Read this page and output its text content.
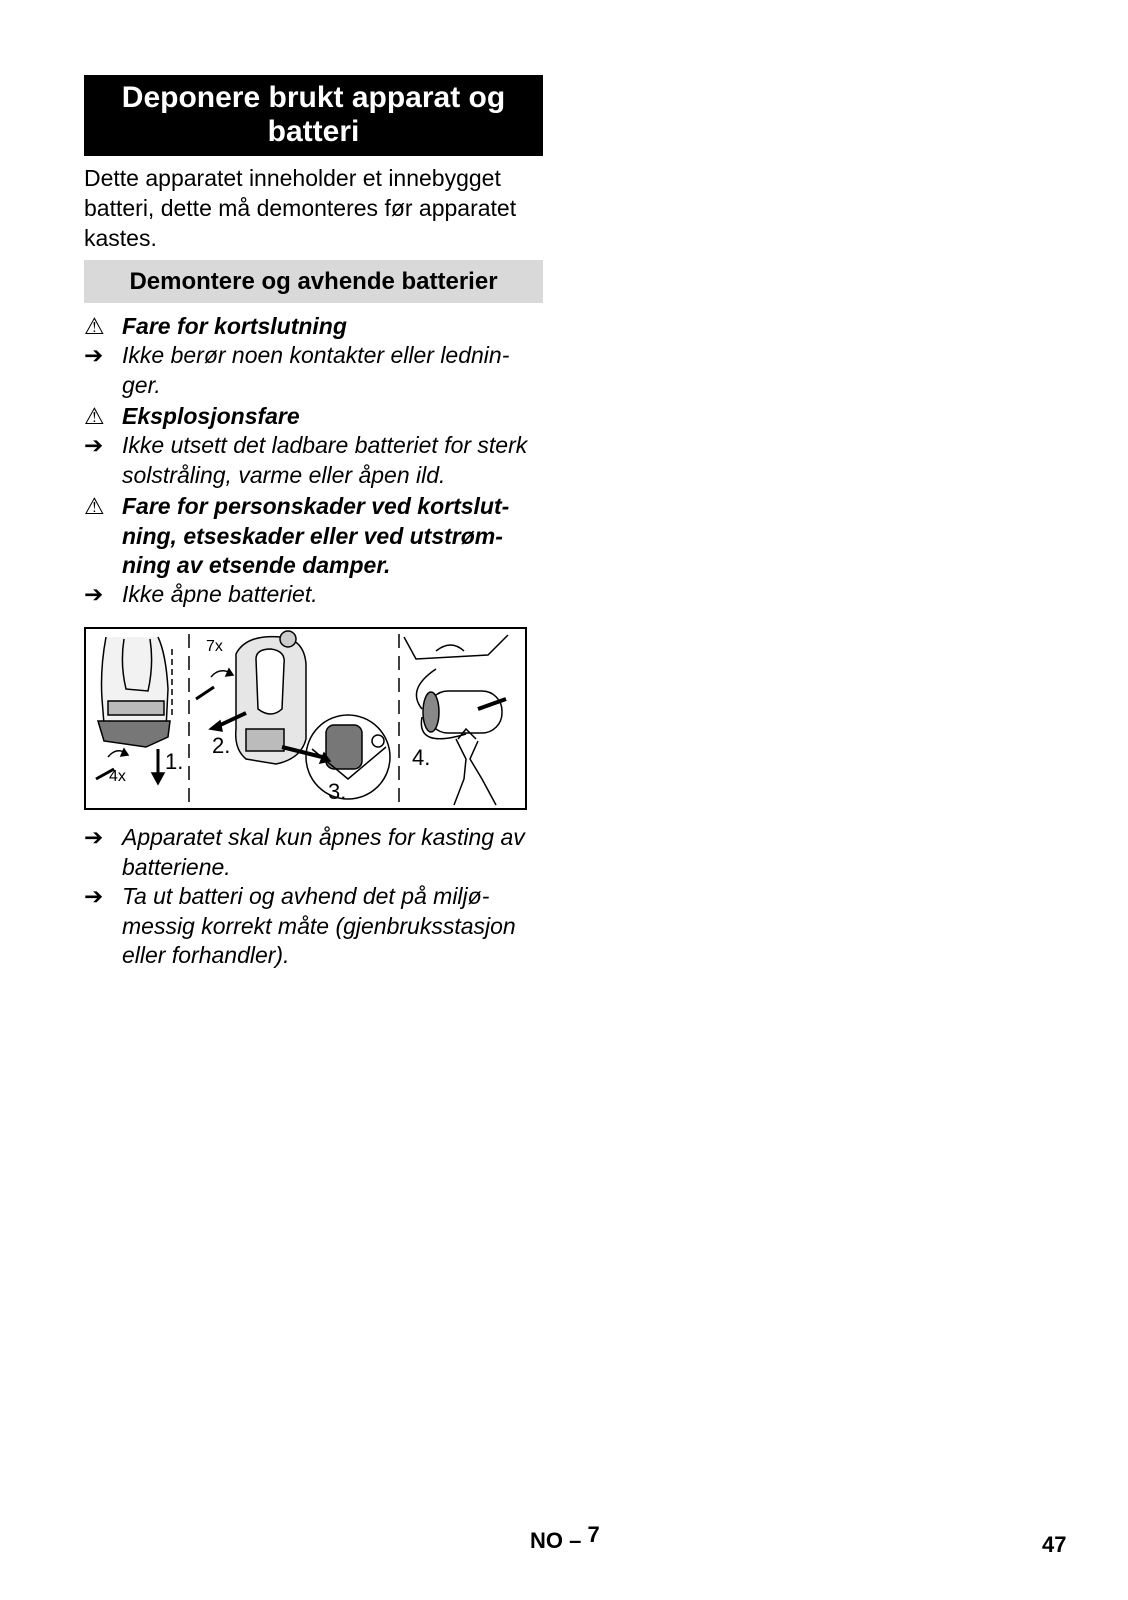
Deponere brukt apparat og batteri
Dette apparatet inneholder et innebygget batteri, dette må demonteres før apparatet kastes.
Demontere og avhende batterier
⚠ Fare for kortslutning
➔ Ikke berør noen kontakter eller lednin-ger.
⚠ Eksplosjonsfare
➔ Ikke utsett det ladbare batteriet for sterk solstråling, varme eller åpen ild.
⚠ Fare for personskader ved kortslut-ning, etseskader eller ved utstrøm-ning av etsende damper.
➔ Ikke åpne batteriet.
4x
1.
7x
2.
3.
4.
➔ Apparatet skal kun åpnes for kasting av batteriene.
➔ Ta ut batteri og avhend det på miljø-messig korrekt måte (gjenbruksstasjon eller forhandler).
NO – 7	47
